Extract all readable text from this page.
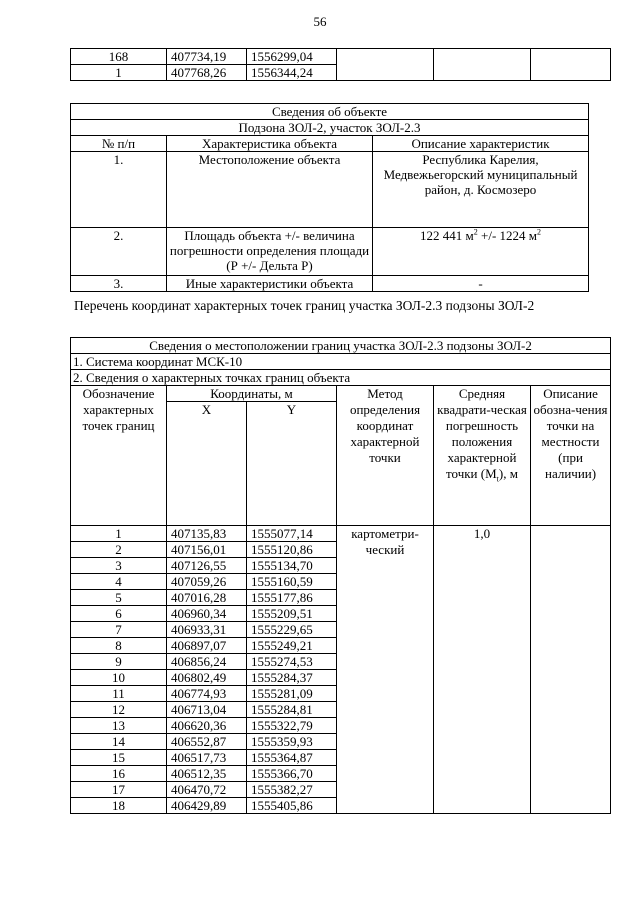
56
168	407734,19	1556299,04			
1	407768,26	1556344,24			
Сведения об объекте		
Подзона ЗОЛ-2, участок ЗОЛ-2.3		
№ п/п	Характеристика объекта	Описание характеристик
1.	Местоположение объекта	Республика Карелия, Медвежьегорский муниципальный район, д. Космозеро
2.	Площадь объекта +/- величина погрешности определения площади (Р +/- Дельта Р)	122 441 $м^2$ +/- 1224 $м^2$
3.	Иные характеристики объекта	-
Перечень координат характерных точек границ участка ЗОЛ-2.3 подзоны ЗОЛ-2
Сведения о местоположении границ участка ЗОЛ-2.3 подзоны ЗОЛ-2					
1. Система координат МСК-10					
2. Сведения о характерных точках границ объекта					
Обозначение характерных точек границ	Координаты, м		Метод определения координат характерной точки	Средняя квадрати-ческая погрешность положения характерной точки $(M_t)$, м	Описание обозна-чения точки на местности (при наличии)
	X	Y			
1	407135,83	1555077,14	картометри-ческий	1,0	
2	407156,01	1555120,86			
3	407126,55	1555134,70			
4	407059,26	1555160,59			
5	407016,28	1555177,86			
6	406960,34	1555209,51			
7	406933,31	1555229,65			
8	406897,07	1555249,21			
9	406856,24	1555274,53			
10	406802,49	1555284,37			
11	406774,93	1555281,09			
12	406713,04	1555284,81			
13	406620,36	1555322,79			
14	406552,87	1555359,93			
15	406517,73	1555364,87			
16	406512,35	1555366,70			
17	406470,72	1555382,27			
18	406429,89	1555405,86			
